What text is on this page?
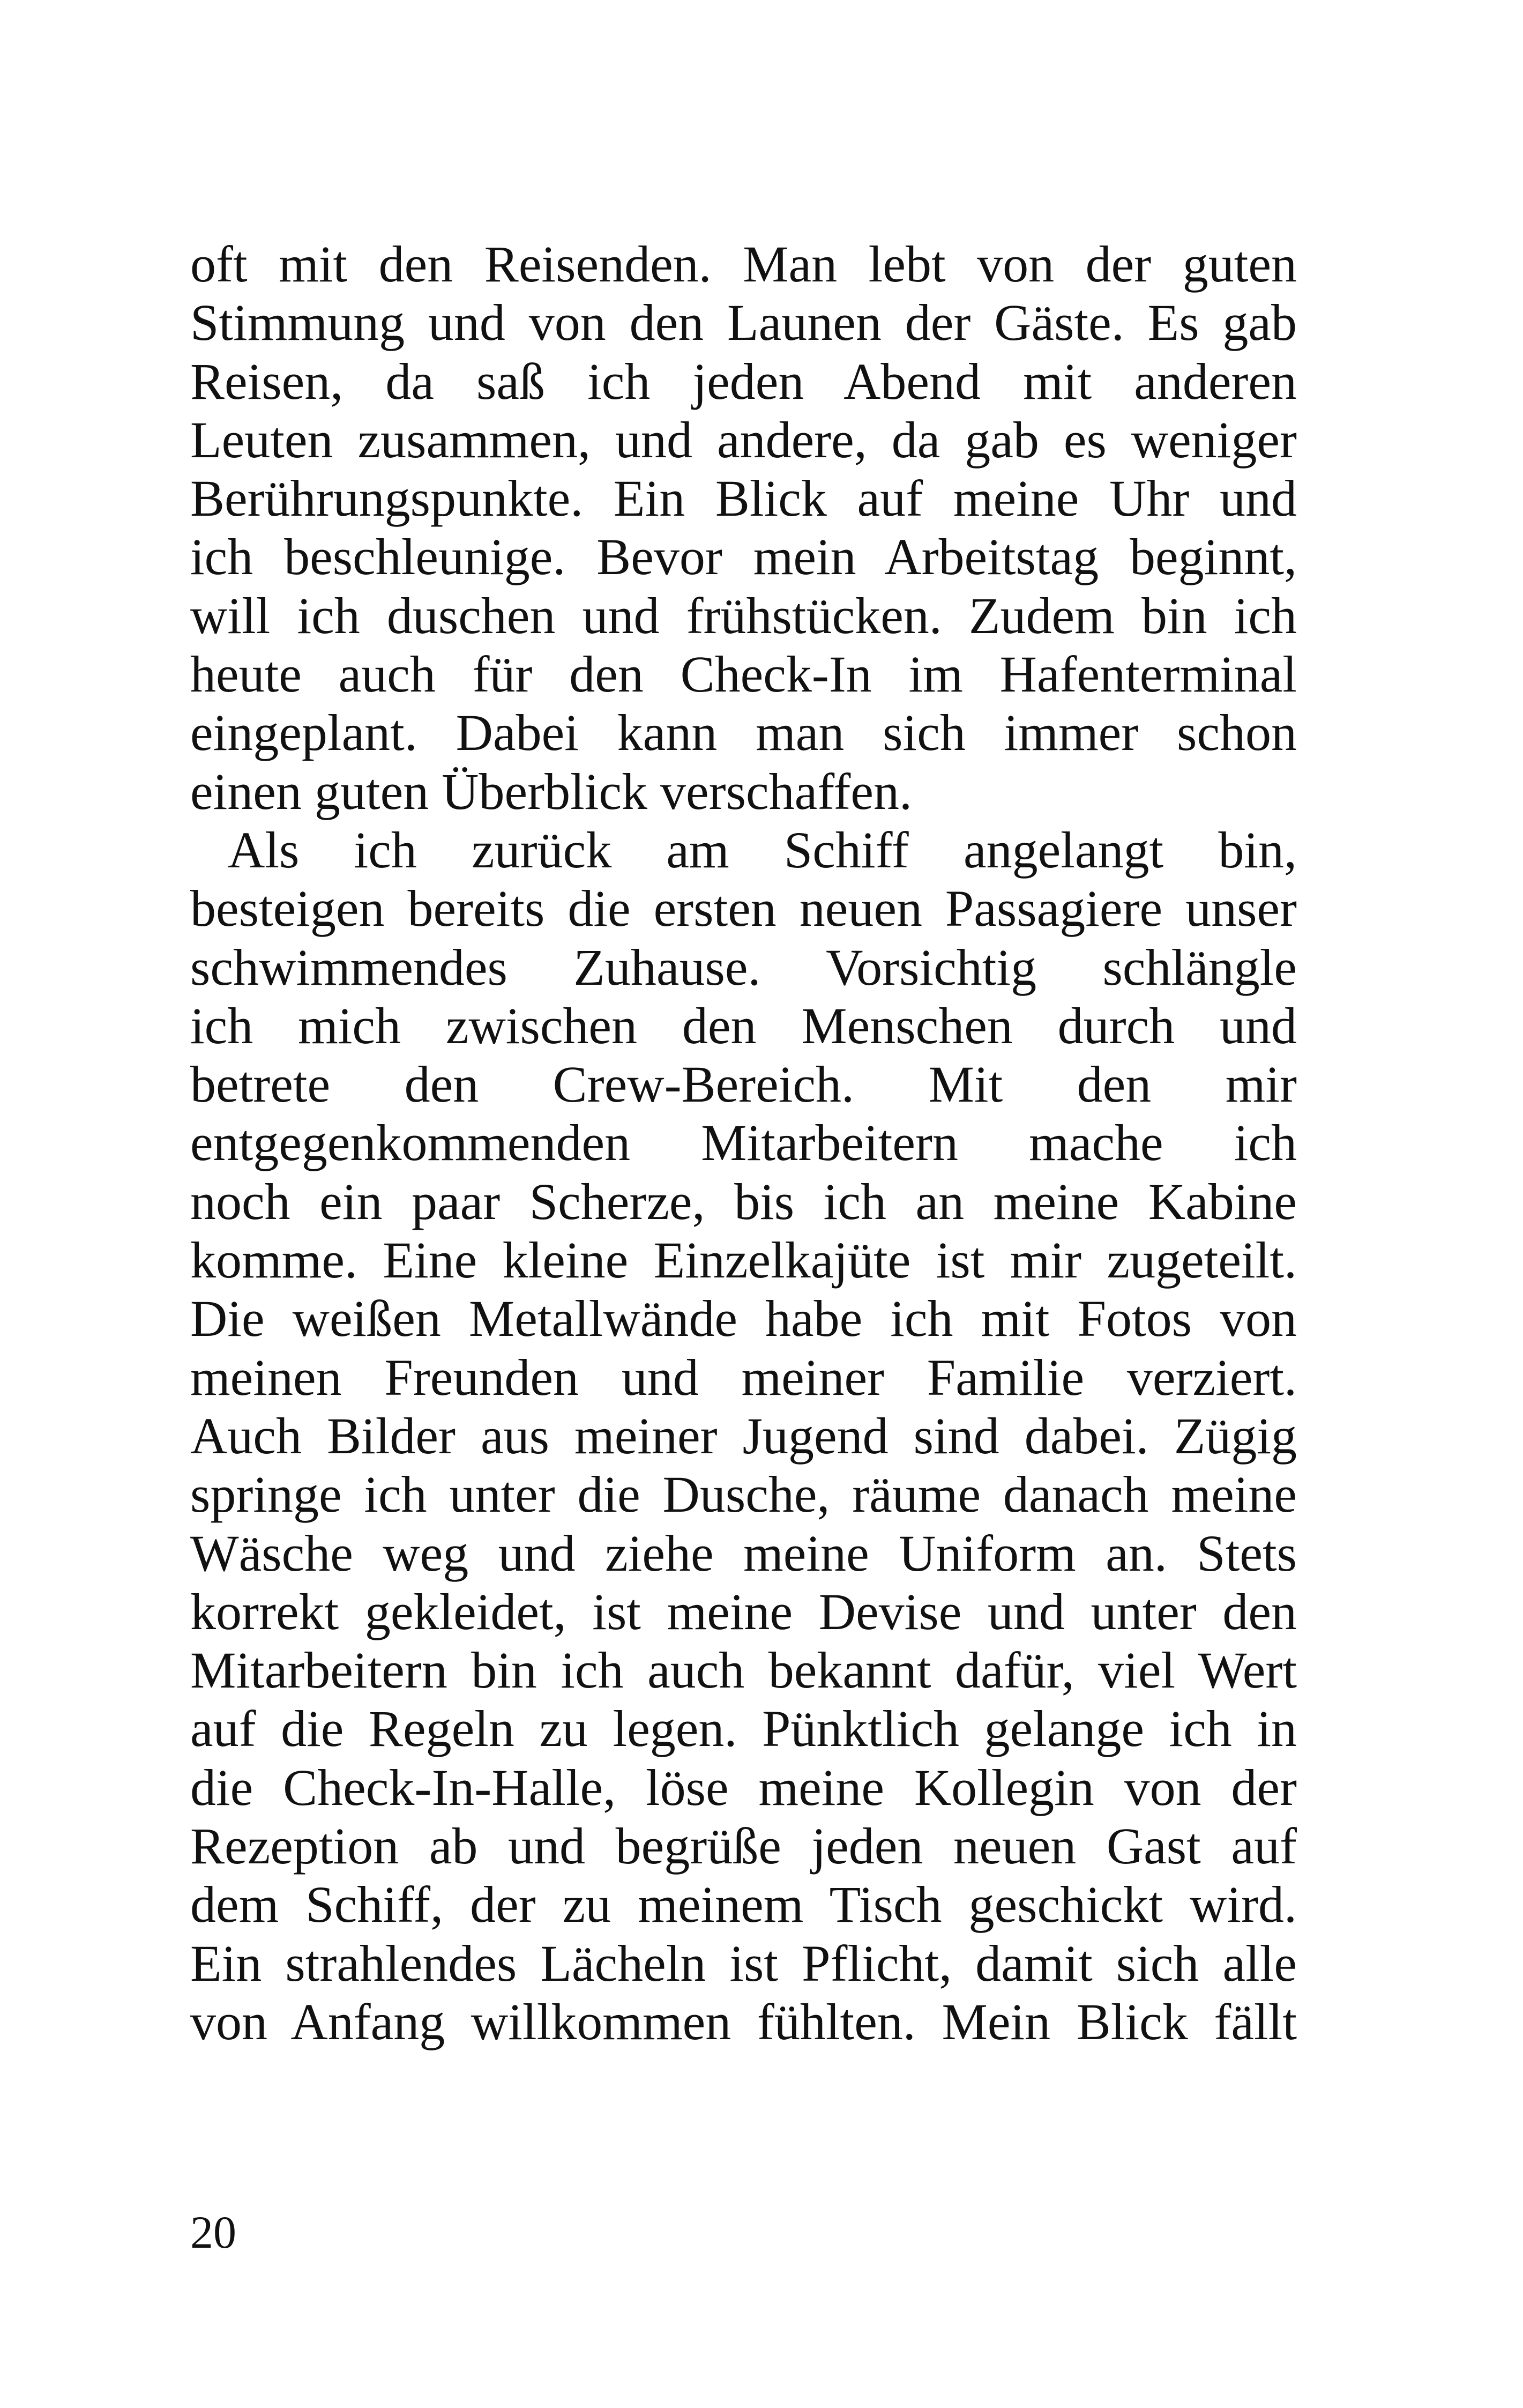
oft mit den Reisenden. Man lebt von der guten
Stimmung und von den Launen der Gäste. Es gab
Reisen, da saß ich jeden Abend mit anderen
Leuten zusammen, und andere, da gab es weniger
Berührungspunkte. Ein Blick auf meine Uhr und
ich beschleunige. Bevor mein Arbeitstag beginnt,
will ich duschen und frühstücken. Zudem bin ich
heute auch für den Check-In im Hafenterminal
eingeplant. Dabei kann man sich immer schon
einen guten Überblick verschaffen.
Als ich zurück am Schiff angelangt bin,
besteigen bereits die ersten neuen Passagiere unser
schwimmendes Zuhause. Vorsichtig schlängle
ich mich zwischen den Menschen durch und
betrete den Crew-Bereich. Mit den mir
entgegenkommenden Mitarbeitern mache ich
noch ein paar Scherze, bis ich an meine Kabine
komme. Eine kleine Einzelkajüte ist mir zugeteilt.
Die weißen Metallwände habe ich mit Fotos von
meinen Freunden und meiner Familie verziert.
Auch Bilder aus meiner Jugend sind dabei. Zügig
springe ich unter die Dusche, räume danach meine
Wäsche weg und ziehe meine Uniform an. Stets
korrekt gekleidet, ist meine Devise und unter den
Mitarbeitern bin ich auch bekannt dafür, viel Wert
auf die Regeln zu legen. Pünktlich gelange ich in
die Check-In-Halle, löse meine Kollegin von der
Rezeption ab und begrüße jeden neuen Gast auf
dem Schiff, der zu meinem Tisch geschickt wird.
Ein strahlendes Lächeln ist Pflicht, damit sich alle
von Anfang willkommen fühlten. Mein Blick fällt
20
